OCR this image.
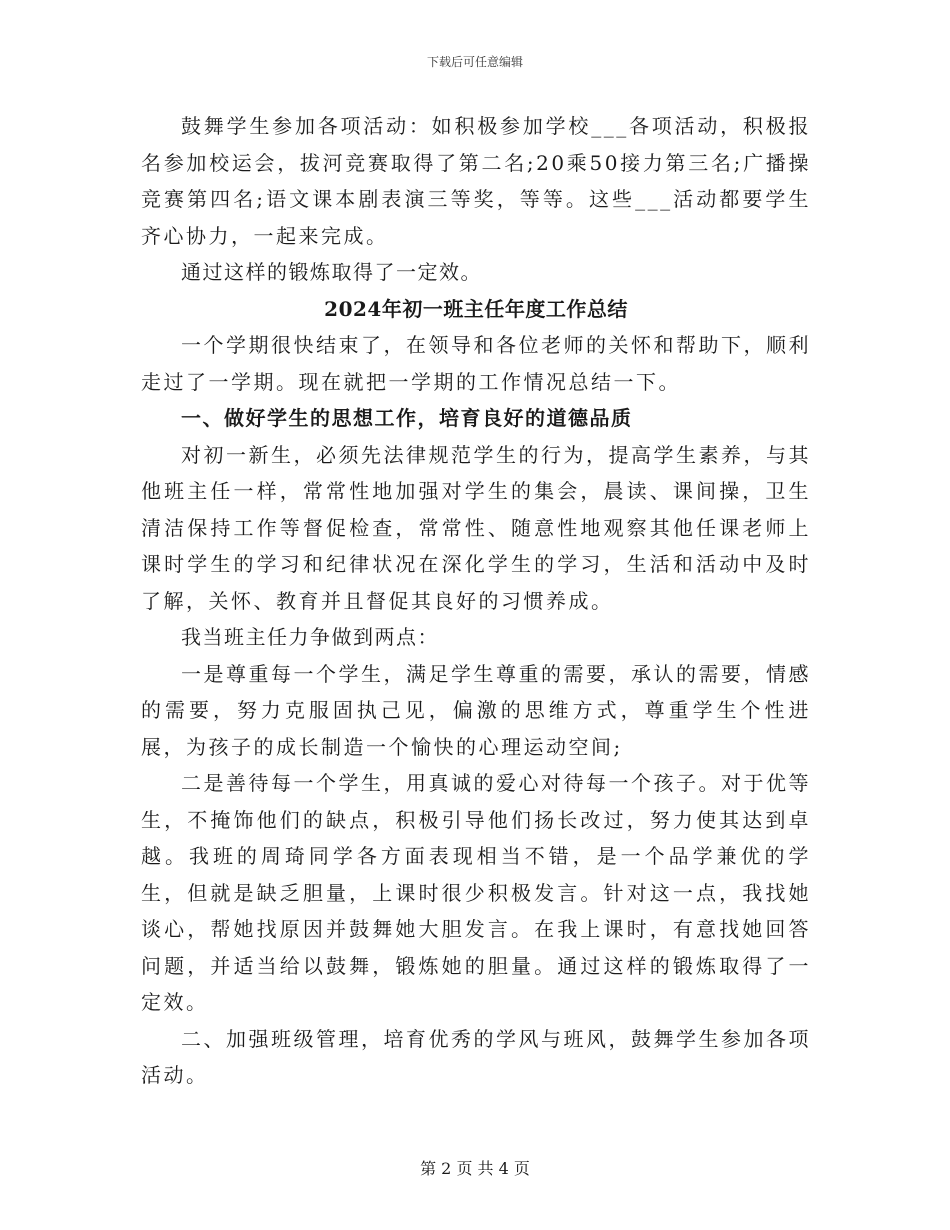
下载后可任意编辑

鼓舞学生参加各项活动：如积极参加学校___各项活动，积极报名参加校运会，拔河竞赛取得了第二名;20乘50接力第三名;广播操竞赛第四名;语文课本剧表演三等奖，等等。这些___活动都要学生齐心协力，一起来完成。

通过这样的锻炼取得了一定效。

2024年初一班主任年度工作总结

一个学期很快结束了，在领导和各位老师的关怀和帮助下，顺利走过了一学期。现在就把一学期的工作情况总结一下。

一、做好学生的思想工作，培育良好的道德品质

对初一新生，必须先法律规范学生的行为，提高学生素养，与其他班主任一样，常常性地加强对学生的集会，晨读、课间操，卫生清洁保持工作等督促检查，常常性、随意性地观察其他任课老师上课时学生的学习和纪律状况在深化学生的学习，生活和活动中及时了解，关怀、教育并且督促其良好的习惯养成。

我当班主任力争做到两点：

一是尊重每一个学生，满足学生尊重的需要，承认的需要，情感的需要，努力克服固执己见，偏激的思维方式，尊重学生个性进展，为孩子的成长制造一个愉快的心理运动空间;

二是善待每一个学生，用真诚的爱心对待每一个孩子。对于优等生，不掩饰他们的缺点，积极引导他们扬长改过，努力使其达到卓越。我班的周琦同学各方面表现相当不错，是一个品学兼优的学生，但就是缺乏胆量，上课时很少积极发言。针对这一点，我找她谈心，帮她找原因并鼓舞她大胆发言。在我上课时，有意找她回答问题，并适当给以鼓舞，锻炼她的胆量。通过这样的锻炼取得了一定效。

二、加强班级管理，培育优秀的学风与班风，鼓舞学生参加各项活动。

第 2 页 共 4 页
